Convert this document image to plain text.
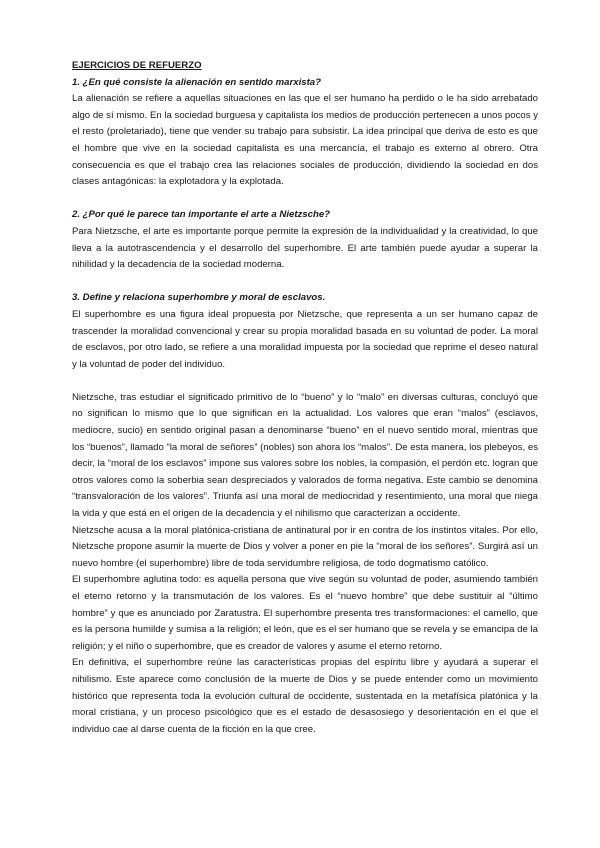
EJERCICIOS DE REFUERZO

1. ¿En qué consiste la alienación en sentido marxista?

La alienación se refiere a aquellas situaciones en las que el ser humano ha perdido o le ha sido arrebatado algo de sí mismo. En la sociedad burguesa y capitalista los medios de producción pertenecen a unos pocos y el resto (proletariado), tiene que vender su trabajo para subsistir. La idea principal que deriva de esto es que el hombre que vive en la sociedad capitalista es una mercancía, el trabajo es externo al obrero. Otra consecuencia es que el trabajo crea las relaciones sociales de producción, dividiendo la sociedad en dos clases antagónicas: la explotadora y la explotada.

2. ¿Por qué le parece tan importante el arte a Nietzsche?

Para Nietzsche, el arte es importante porque permite la expresión de la individualidad y la creatividad, lo que lleva a la autotrascendencia y el desarrollo del superhombre. El arte también puede ayudar a superar la nihilidad y la decadencia de la sociedad moderna.

3. Define y relaciona superhombre y moral de esclavos.

El superhombre es una figura ideal propuesta por Nietzsche, que representa a un ser humano capaz de trascender la moralidad convencional y crear su propia moralidad basada en su voluntad de poder. La moral de esclavos, por otro lado, se refiere a una moralidad impuesta por la sociedad que reprime el deseo natural y la voluntad de poder del individuo.

Nietzsche, tras estudiar el significado primitivo de lo “bueno” y lo “malo” en diversas culturas, concluyó que no significan lo mismo que lo que significan en la actualidad. Los valores que eran “malos” (esclavos, mediocre, sucio) en sentido original pasan a denominarse “bueno” en el nuevo sentido moral, mientras que los “buenos”, llamado “la moral de señores” (nobles) son ahora los “malos”. De esta manera, los plebeyos, es decir, la “moral de los esclavos” impone sus valores sobre los nobles, la compasión, el perdón etc. logran que otros valores como la soberbia sean despreciados y valorados de forma negativa. Este cambio se denomina “transvaloración de los valores”. Triunfa así una moral de mediocridad y resentimiento, una moral que niega la vida y que está en el origen de la decadencia y el nihilismo que caracterizan a occidente.

Nietzsche acusa a la moral platónica-cristiana de antinatural por ir en contra de los instintos vitales. Por ello, Nietzsche propone asumir la muerte de Dios y volver a poner en pie la “moral de los señores”. Surgirá así un nuevo hombre (el superhombre) libre de toda servidumbre religiosa, de todo dogmatismo católico.

El superhombre aglutina todo: es aquella persona que vive según su voluntad de poder, asumiendo también el eterno retorno y la transmutación de los valores. Es el “nuevo hombre” que debe sustituir al “último hombre” y que es anunciado por Zaratustra. El superhombre presenta tres transformaciones: el camello, que es la persona humilde y sumisa a la religión; el león, que es el ser humano que se revela y se emancipa de la religión; y el niño o superhombre, que es creador de valores y asume el eterno retorno.

En definitiva, el superhombre reúne las características propias del espíritu libre y ayudará a superar el nihilismo. Este aparece como conclusión de la muerte de Dios y se puede entender como un movimiento histórico que representa toda la evolución cultural de occidente, sustentada en la metafísica platónica y la moral cristiana, y un proceso psicológico que es el estado de desasosiego y desorientación en el que el individuo cae al darse cuenta de la ficción en la que cree.
